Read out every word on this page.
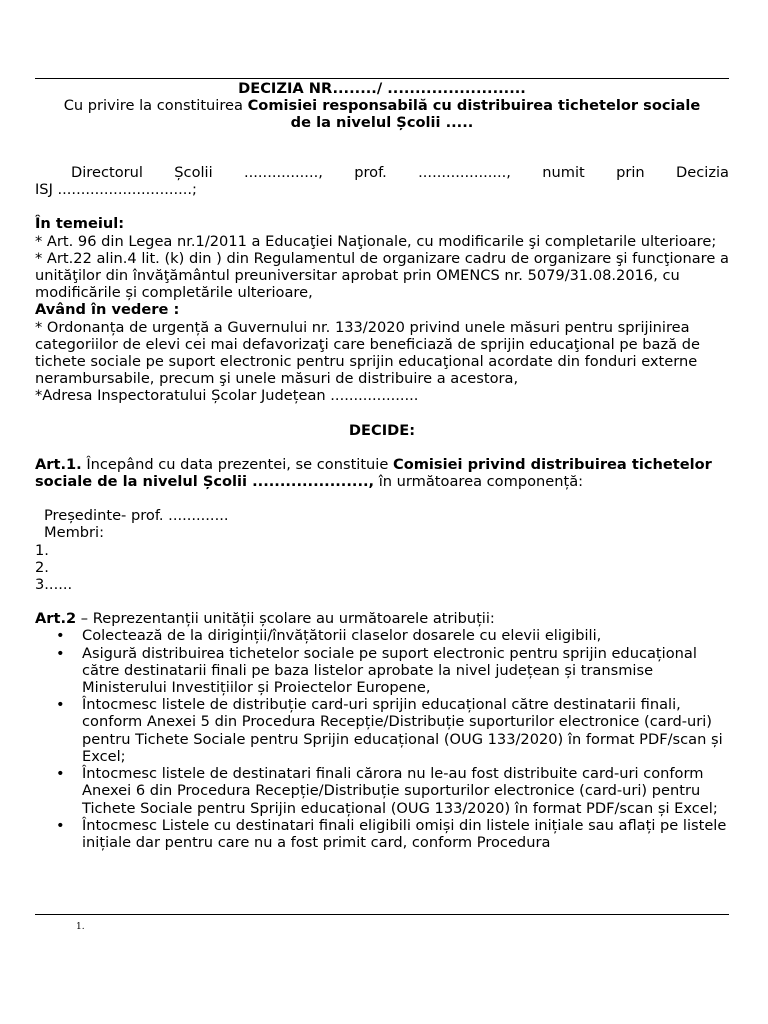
DECIZIA NR......../ .........................

Cu privire la constituirea Comisiei responsabilă cu distribuirea tichetelor sociale

de la nivelul Școlii .....

Directorul Școlii ................, prof. ..................., numit prin Decizia

ISJ .............................;

În temeiul:

* Art. 96 din Legea nr.1/2011 a Educaţiei Naţionale, cu modificarile şi completarile ulterioare;

* Art.22 alin.4 lit. (k) din ) din Regulamentul de organizare cadru de organizare şi funcţionare a unităţilor din învăţământul preuniversitar aprobat prin OMENCS nr. 5079/31.08.2016, cu modificările și completările ulterioare,

Având în vedere :

* Ordonanța de urgență a Guvernului nr. 133/2020 privind unele măsuri pentru sprijinirea categoriilor de elevi cei mai defavorizaţi care beneficiază de sprijin educaţional pe bază de tichete sociale pe suport electronic pentru sprijin educaţional acordate din fonduri externe nerambursabile, precum şi unele măsuri de distribuire a acestora,

*Adresa Inspectoratului Școlar Județean ...................

DECIDE:

Art.1. Începând cu data prezentei, se constituie Comisiei privind distribuirea tichetelor sociale de la nivelul Școlii ....................., în următoarea componență:

Președinte- prof. .............

Membri:

1.

2.

3......

Art.2 – Reprezentanții unității școlare au următoarele atribuții:

• Colectează de la diriginții/învățătorii claselor dosarele cu elevii eligibili,
• Asigură distribuirea tichetelor sociale pe suport electronic pentru sprijin educațional către destinatarii finali pe baza listelor aprobate la nivel județean și transmise Ministerului Investițiilor și Proiectelor Europene,
• Întocmesc listele de distribuție card-uri sprijin educațional către destinatarii finali, conform Anexei 5 din Procedura Recepție/Distribuție suporturilor electronice (card-uri) pentru Tichete Sociale pentru Sprijin educațional (OUG 133/2020) în format PDF/scan și Excel;
• Întocmesc listele de destinatari finali cărora nu le-au fost distribuite card-uri conform Anexei 6 din Procedura Recepție/Distribuție suporturilor electronice (card-uri) pentru Tichete Sociale pentru Sprijin educațional (OUG 133/2020) în format PDF/scan și Excel;
• Întocmesc Listele cu destinatari finali eligibili omiși din listele inițiale sau aflați pe listele inițiale dar pentru care nu a fost primit card, conform Procedura
1.
